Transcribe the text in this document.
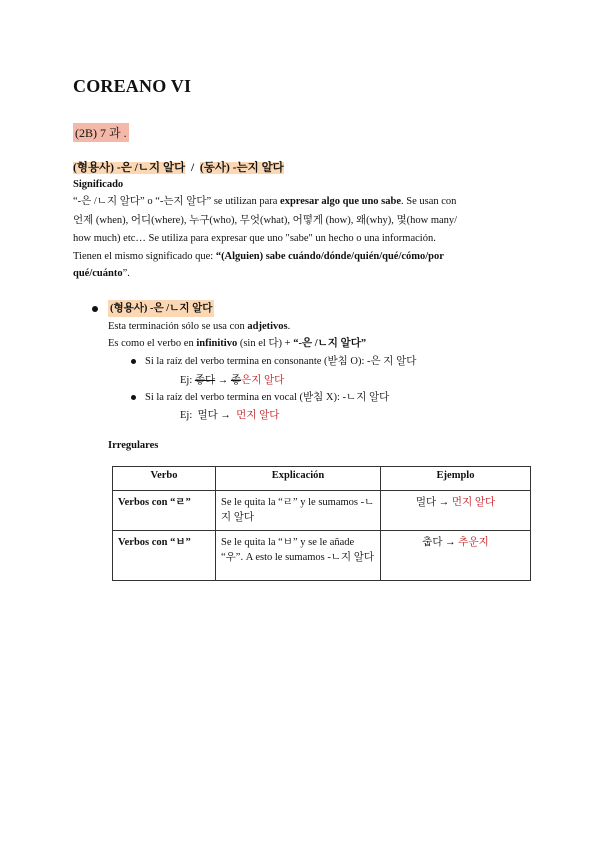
COREANO VI
(2B) 7 과 .
(형용사) -은 /ㄴ지 알다  /  (동사) -는지 알다
Significado
“-은 /ㄴ지 알다” o “-는지 알다” se utilizan para expresar algo que uno sabe. Se usan con
언제 (when), 어디(where), 누구(who), 무엇(what), 어떻게 (how), 왜(why), 몇(how many/
how much) etc… Se utiliza para expresar que uno "sabe" un hecho o una información.
Tienen el mismo significado que: “(Alguien) sabe cuándo/dónde/quién/qué/cómo/por
qué/cuánto”.
(형용사) -은 /ㄴ지 알다
Esta terminación sólo se usa con adjetivos.
Es como el verbo en infinitivo (sin el 다) + “-은 /ㄴ지 알다”
Si la raíz del verbo termina en consonante (받침 O): -은 지 알다
Ej: 좋다 → 좋은지 알다
Si la raíz del verbo termina en vocal (받침 X): -ㄴ지 알다
Ej:  멀다 →  먼지 알다
Irregulares
Verbo	Explicación	Ejemplo
Verbos con “ㄹ”	Se le quita la “ㄹ” y le sumamos -ㄴ지 알다	멀다 → 먼지 알다
Verbos con “ㅂ”	Se le quita la “ㅂ” y se le añade “우”. A esto le sumamos -ㄴ지 알다	춥다 → 추운지
